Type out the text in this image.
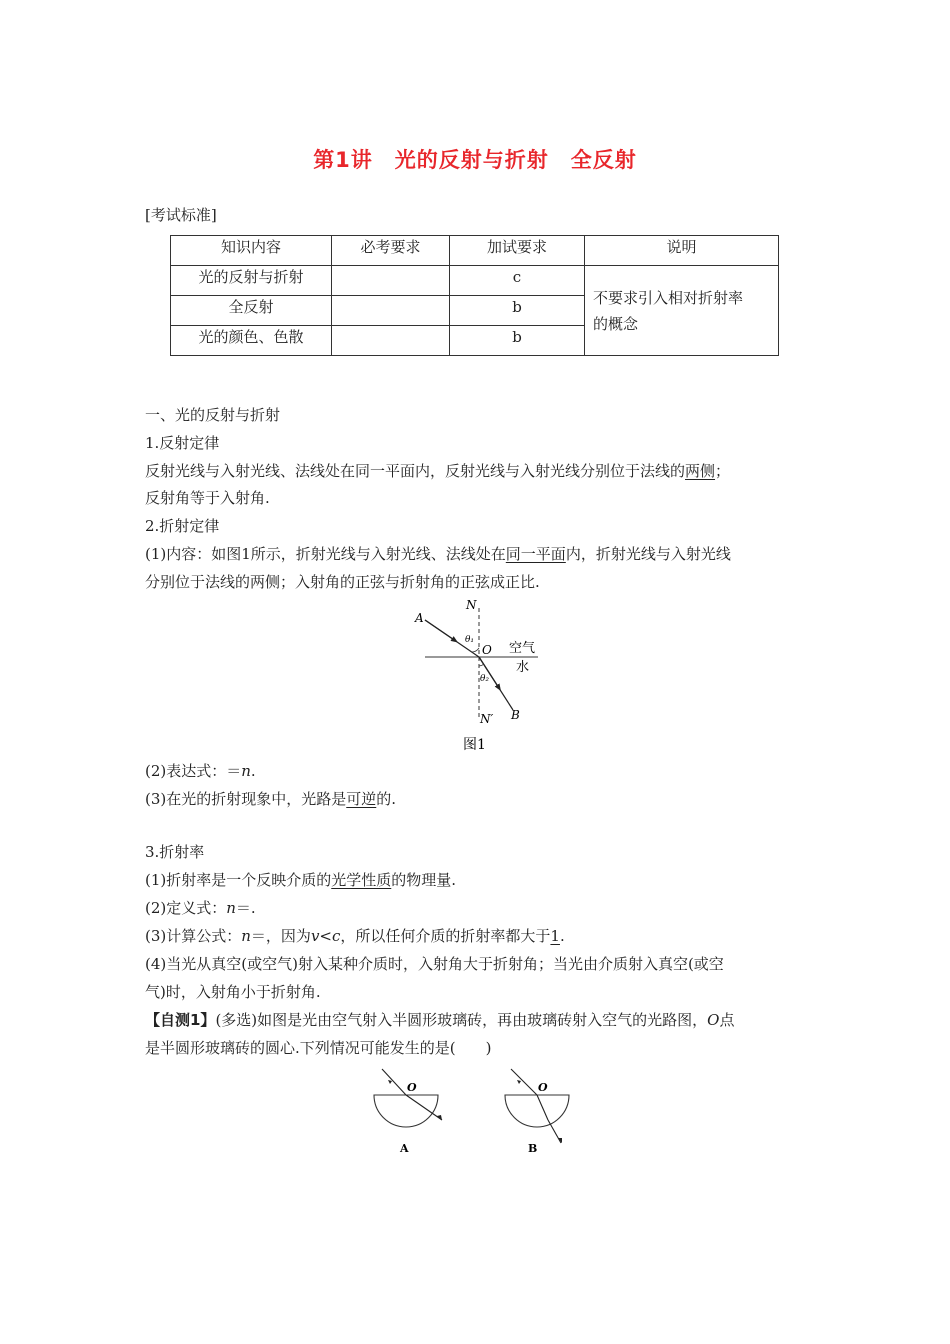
第1讲　光的反射与折射　全反射
[考试标准]
知识内容	必考要求	加试要求	说明
光的反射与折射		c	不要求引入相对折射率
的概念

全反射		b	
光的颜色、色散		b	
一、光的反射与折射
1.反射定律
反射光线与入射光线、法线处在同一平面内，反射光线与入射光线分别位于法线的两侧；
反射角等于入射角.
2.折射定律
(1)内容：如图1所示，折射光线与入射光线、法线处在同一平面内，折射光线与入射光线
分别位于法线的两侧；入射角的正弦与折射角的正弦成正比.
A
N
θ₁
O 空气
水
θ₂
N′ B
图1
(2)表达式：＝n.
(3)在光的折射现象中，光路是可逆的.
3.折射率
(1)折射率是一个反映介质的光学性质的物理量.
(2)定义式：n＝.
(3)计算公式：n＝，因为v<c，所以任何介质的折射率都大于1.
(4)当光从真空(或空气)射入某种介质时，入射角大于折射角；当光由介质射入真空(或空
气)时，入射角小于折射角.
【自测1】(多选)如图是光由空气射入半圆形玻璃砖，再由玻璃砖射入空气的光路图，O点
是半圆形玻璃砖的圆心.下列情况可能发生的是(　　)
O
A
O
B
